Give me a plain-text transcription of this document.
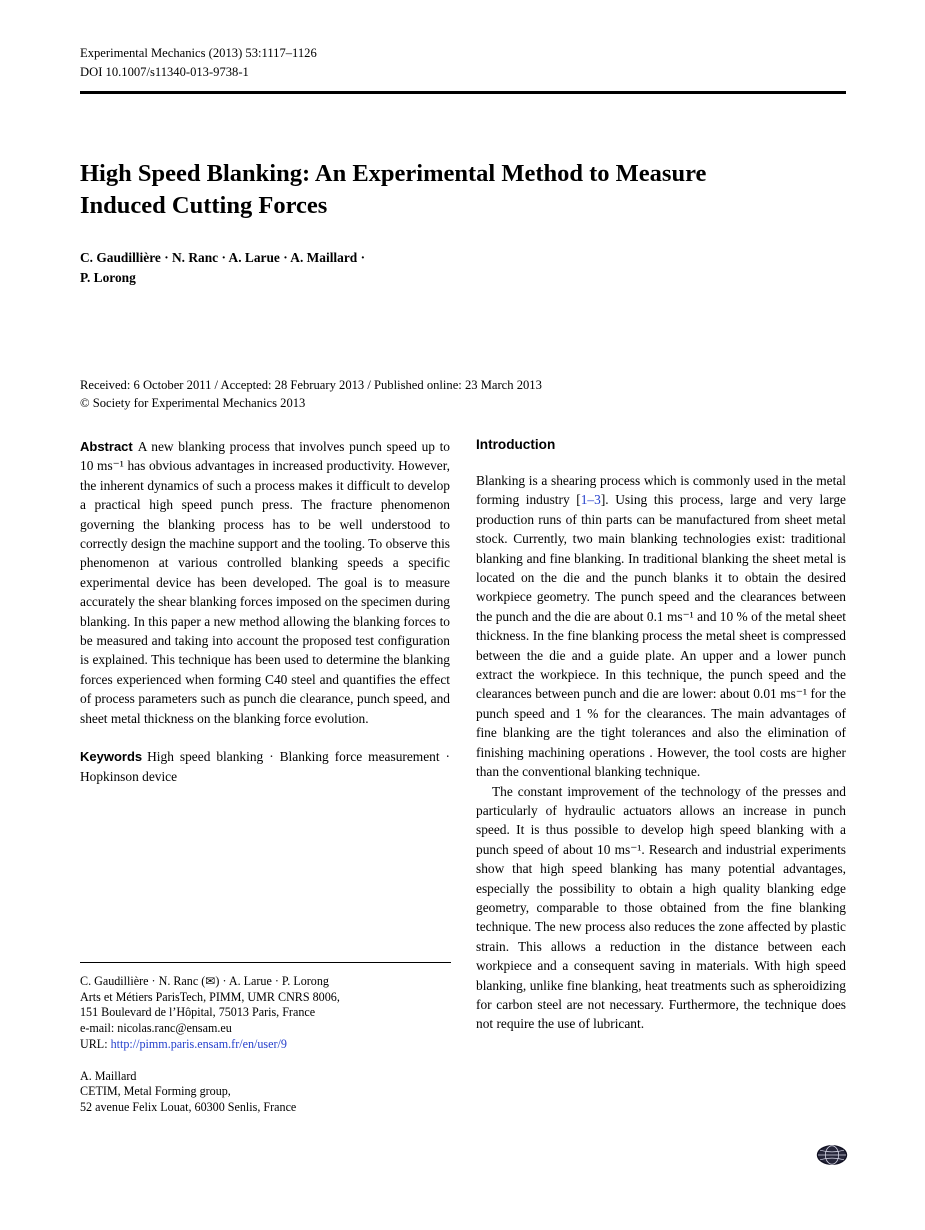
Experimental Mechanics (2013) 53:1117–1126
DOI 10.1007/s11340-013-9738-1
High Speed Blanking: An Experimental Method to Measure Induced Cutting Forces
C. Gaudillière · N. Ranc · A. Larue · A. Maillard ·
P. Lorong
Received: 6 October 2011 / Accepted: 28 February 2013 / Published online: 23 March 2013
© Society for Experimental Mechanics 2013

Abstract A new blanking process that involves punch speed up to 10 ms⁻¹ has obvious advantages in increased productivity. However, the inherent dynamics of such a process makes it difficult to develop a practical high speed punch press. The fracture phenomenon governing the blanking process has to be well understood to correctly design the machine support and the tooling. To observe this phenomenon at various controlled blanking speeds a specific experimental device has been developed. The goal is to measure accurately the shear blanking forces imposed on the specimen during blanking. In this paper a new method allowing the blanking forces to be measured and taking into account the proposed test configuration is explained. This technique has been used to determine the blanking forces experienced when forming C40 steel and quantifies the effect of process parameters such as punch die clearance, punch speed, and sheet metal thickness on the blanking force evolution.

Keywords High speed blanking · Blanking force measurement · Hopkinson device

Introduction

Blanking is a shearing process which is commonly used in the metal forming industry [1–3]. Using this process, large and very large production runs of thin parts can be manufactured from sheet metal stock. Currently, two main blanking technologies exist: traditional blanking and fine blanking. In traditional blanking the sheet metal is located on the die and the punch blanks it to obtain the desired workpiece geometry. The punch speed and the clearances between the punch and the die are about 0.1 ms⁻¹ and 10 % of the metal sheet thickness. In the fine blanking process the metal sheet is compressed between the die and a guide plate. An upper and a lower punch extract the workpiece. In this technique, the punch speed and the clearances between punch and die are lower: about 0.01 ms⁻¹ for the punch speed and 1 % for the clearances. The main advantages of fine blanking are the tight tolerances and also the elimination of finishing machining operations . However, the tool costs are higher than the conventional blanking technique.

The constant improvement of the technology of the presses and particularly of hydraulic actuators allows an increase in punch speed. It is thus possible to develop high speed blanking with a punch speed of about 10 ms⁻¹. Research and industrial experiments show that high speed blanking has many potential advantages, especially the possibility to obtain a high quality blanking edge geometry, comparable to those obtained from the fine blanking technique. The new process also reduces the zone affected by plastic strain. This allows a reduction in the distance between each workpiece and a consequent saving in materials. With high speed blanking, unlike fine blanking, heat treatments such as spheroidizing for carbon steel are not necessary. Furthermore, the technique does not require the use of lubricant.

C. Gaudillière · N. Ranc (✉) · A. Larue · P. Lorong
Arts et Métiers ParisTech, PIMM, UMR CNRS 8006,
151 Boulevard de l’Hôpital, 75013 Paris, France
e-mail: nicolas.ranc@ensam.eu
URL: http://pimm.paris.ensam.fr/en/user/9
A. Maillard
CETIM, Metal Forming group,
52 avenue Felix Louat, 60300 Senlis, France
